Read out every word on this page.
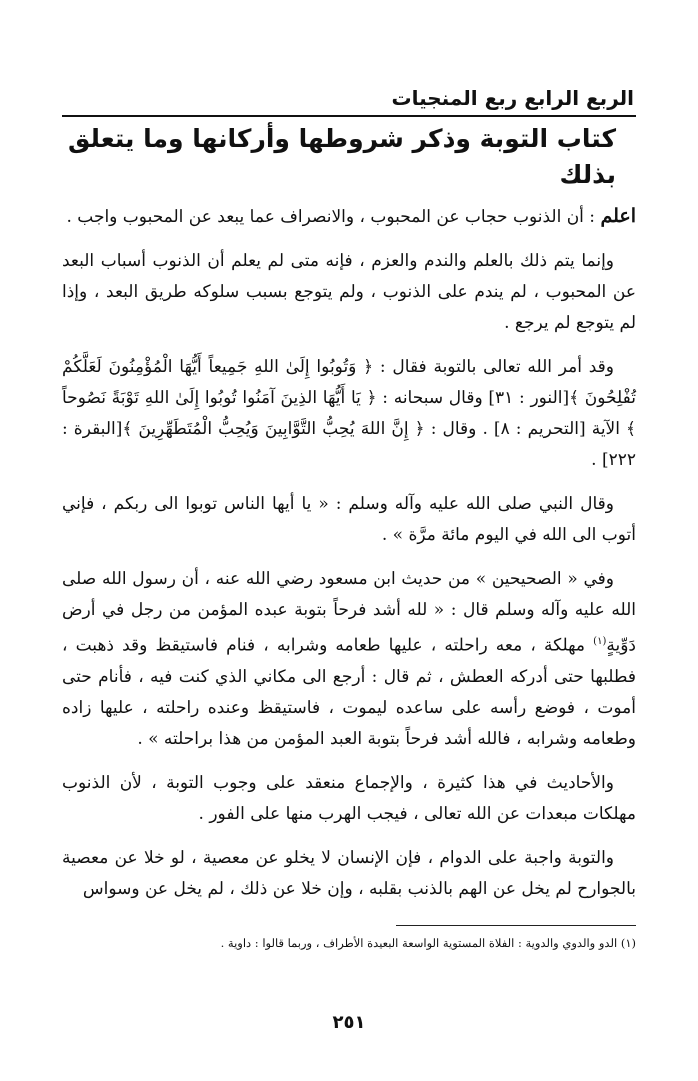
الربع الرابع ربع المنجيات
كتاب التوبة وذكر شروطها وأركانها وما يتعلق بذلك

اعلم : أن الذنوب حجاب عن المحبوب ، والانصراف عما يبعد عن المحبوب واجب .

وإنما يتم ذلك بالعلم والندم والعزم ، فإنه متى لم يعلم أن الذنوب أسباب البعد عن المحبوب ، لم يندم على الذنوب ، ولم يتوجع بسبب سلوكه طريق البعد ، وإذا لم يتوجع لم يرجع .

وقد أمر الله تعالى بالتوبة فقال : ﴿ وَتُوبُوا إِلَىٰ اللهِ جَمِيعاً أَيُّهَا الْمُؤْمِنُونَ لَعَلَّكُمْ تُفْلِحُونَ ﴾[النور : ٣١] وقال سبحانه : ﴿ يَا أَيُّهَا الذِينَ آمَنُوا تُوبُوا إِلَىٰ اللهِ تَوْبَةً نَصُوحاً ﴾ الآية [التحريم : ٨] . وقال : ﴿ إِنَّ اللهَ يُحِبُّ التَّوَّابِينَ وَيُحِبُّ الْمُتَطَهِّرِينَ ﴾[البقرة : ٢٢٢] .

وقال النبي صلى الله عليه وآله وسلم : « يا أيها الناس توبوا الى ربكم ، فإني أتوب الى الله في اليوم مائة مرَّة » .

وفي « الصحيحين » من حديث ابن مسعود رضي الله عنه ، أن رسول الله صلى الله عليه وآله وسلم قال : « لله أشد فرحاً بتوبة عبده المؤمن من رجل في أرض دَوِّيةٍ$^{(١)}$ مهلكة ، معه راحلته ، عليها طعامه وشرابه ، فنام فاستيقظ وقد ذهبت ، فطلبها حتى أدركه العطش ، ثم قال : أرجع الى مكاني الذي كنت فيه ، فأنام حتى أموت ، فوضع رأسه على ساعده ليموت ، فاستيقظ وعنده راحلته ، عليها زاده وطعامه وشرابه ، فالله أشد فرحاً بتوبة العبد المؤمن من هذا براحلته » .

والأحاديث في هذا كثيرة ، والإجماع منعقد على وجوب التوبة ، لأن الذنوب مهلكات مبعدات عن الله تعالى ، فيجب الهرب منها على الفور .

والتوبة واجبة على الدوام ، فإن الإنسان لا يخلو عن معصية ، لو خلا عن معصية بالجوارح لم يخل عن الهم بالذنب بقلبه ، وإن خلا عن ذلك ، لم يخل عن وسواس

(١) الدو والدوي والدوية : الفلاة المستوية الواسعة البعيدة الأطراف ، وربما قالوا : داوية .
٢٥١
